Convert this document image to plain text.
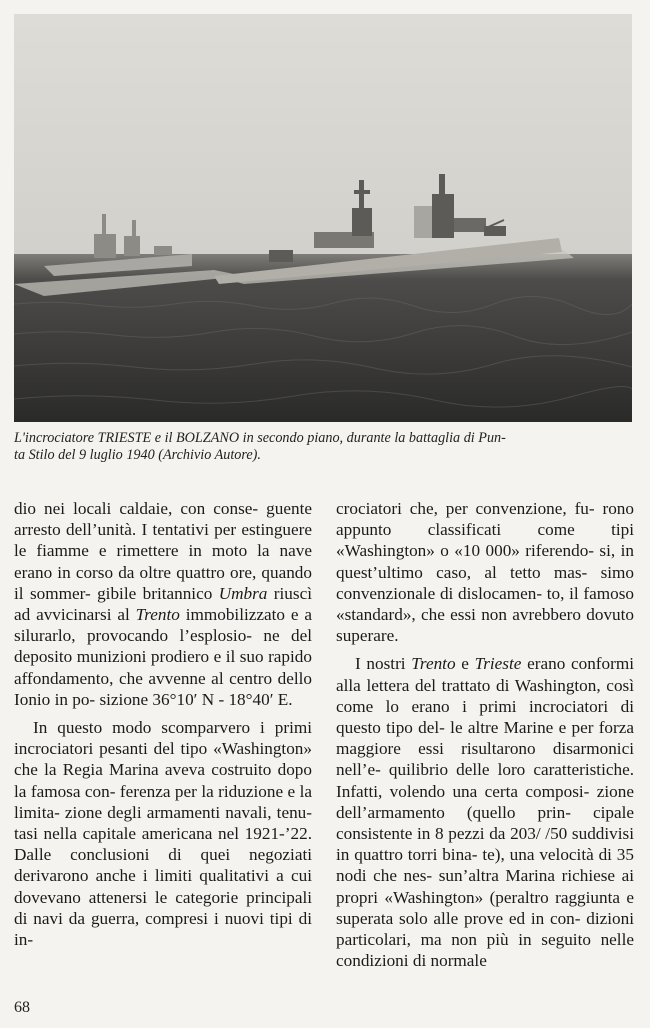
L'incrociatore TRIESTE e il BOLZANO in secondo piano, durante la battaglia di Pun-
ta Stilo del 9 luglio 1940 (Archivio Autore).

dio nei locali caldaie, con conse- guente arresto dell’unità. I tentativi per estinguere le fiamme e rimettere in moto la nave erano in corso da oltre quattro ore, quando il sommer- gibile britannico Umbra riuscì ad avvicinarsi al Trento immobilizzato e a silurarlo, provocando l’esplosio- ne del deposito munizioni prodiero e il suo rapido affondamento, che avvenne al centro dello Ionio in po- sizione 36°10′ N - 18°40′ E.

In questo modo scomparvero i primi incrociatori pesanti del tipo «Washington» che la Regia Marina aveva costruito dopo la famosa con- ferenza per la riduzione e la limita- zione degli armamenti navali, tenu- tasi nella capitale americana nel 1921-’22. Dalle conclusioni di quei negoziati derivarono anche i limiti qualitativi a cui dovevano attenersi le categorie principali di navi da guerra, compresi i nuovi tipi di in-

crociatori che, per convenzione, fu- rono appunto classificati come tipi «Washington» o «10 000» riferendo- si, in quest’ultimo caso, al tetto mas- simo convenzionale di dislocamen- to, il famoso «standard», che essi non avrebbero dovuto superare.

I nostri Trento e Trieste erano conformi alla lettera del trattato di Washington, così come lo erano i primi incrociatori di questo tipo del- le altre Marine e per forza maggiore essi risultarono disarmonici nell’e- quilibrio delle loro caratteristiche. Infatti, volendo una certa composi- zione dell’armamento (quello prin- cipale consistente in 8 pezzi da 203/ /50 suddivisi in quattro torri bina- te), una velocità di 35 nodi che nes- sun’altra Marina richiese ai propri «Washington» (peraltro raggiunta e superata solo alle prove ed in con- dizioni particolari, ma non più in seguito nelle condizioni di normale

68
